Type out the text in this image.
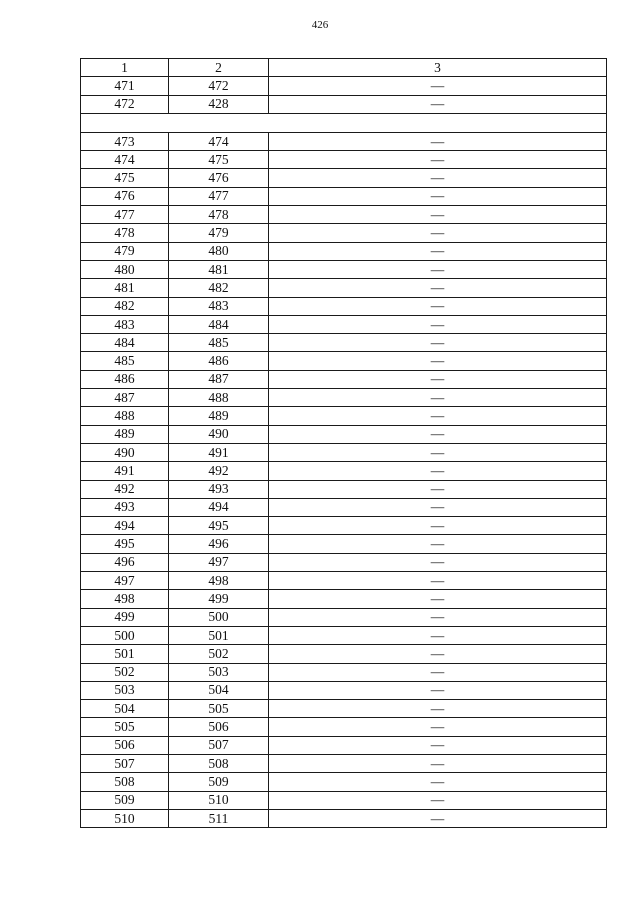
426
1	2	3
471	472	—
472	428	—

473	474	—
474	475	—
475	476	—
476	477	—
477	478	—
478	479	—
479	480	—
480	481	—
481	482	—
482	483	—
483	484	—
484	485	—
485	486	—
486	487	—
487	488	—
488	489	—
489	490	—
490	491	—
491	492	—
492	493	—
493	494	—
494	495	—
495	496	—
496	497	—
497	498	—
498	499	—
499	500	—
500	501	—
501	502	—
502	503	—
503	504	—
504	505	—
505	506	—
506	507	—
507	508	—
508	509	—
509	510	—
510	511	—
